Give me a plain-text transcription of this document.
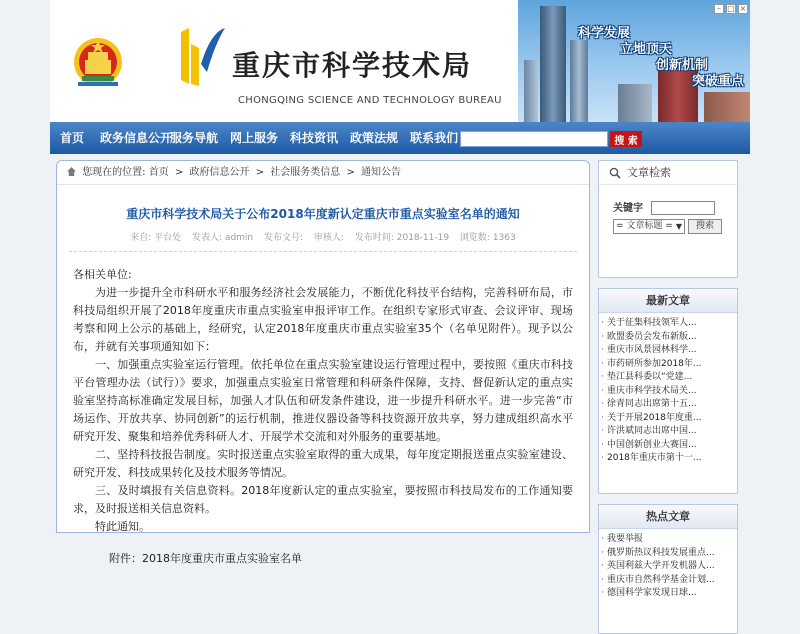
重庆市科学技术局
CHONGQING SCIENCE AND TECHNOLOGY BUREAU
科学发展
立地顶天
创新机制
突破重点
– □ ×
首页 政务信息公开
服务导航 网上服务 科技资讯 政策法规 联系我们	搜 索
您现在的位置: 首页 > 政府信息公开 > 社会服务类信息 > 通知公告
重庆市科学技术局关于公布2018年度新认定重庆市重点实验室名单的通知
来自: 平台处 发表人: admin 发布文号: 审核人: 发布时间: 2018-11-19 浏览数: 1363

各相关单位:

为进一步提升全市科研水平和服务经济社会发展能力，不断优化科技平台结构，完善科研布局，市科技局组织开展了2018年度重庆市重点实验室申报评审工作。在组织专家形式审查、会议评审、现场考察和网上公示的基础上，经研究，认定2018年度重庆市重点实验室35个（名单见附件）。现予以公布，并就有关事项通知如下：

一、加强重点实验室运行管理。依托单位在重点实验室建设运行管理过程中，要按照《重庆市科技平台管理办法（试行）》要求，加强重点实验室日常管理和科研条件保障，支持、督促新认定的重点实验室坚持高标准确定发展目标，加强人才队伍和研发条件建设，进一步提升科研水平。进一步完善“市场运作、开放共享、协同创新”的运行机制，推进仪器设备等科技资源开放共享，努力建成组织高水平研究开发、聚集和培养优秀科研人才、开展学术交流和对外服务的重要基地。

二、坚持科技报告制度。实时报送重点实验室取得的重大成果，每年度定期报送重点实验室建设、研究开发、科技成果转化及技术服务等情况。

三、及时填报有关信息资料。2018年度新认定的重点实验室，要按照市科技局发布的工作通知要求，及时报送相关信息资料。

特此通知。

附件：2018年度重庆市重点实验室名单

文章检索
关键字
= 文章标题 = ▼ 搜索
最新文章
· 关于征集科技领军人...
· 欧盟委员会发布新版...
· 重庆市风景园林科学...
· 市药研所参加2018年...
· 垫江县科委以“党建...
· 重庆市科学技术局关...
· 徐青同志出席第十五...
· 关于开展2018年度重...
· 许洪斌同志出席中国...
· 中国创新创业大赛国...
· 2018年重庆市第十一...
热点文章
· 我要举报
· 俄罗斯热议科技发展重点...
· 英国利兹大学开发机器人...
· 重庆市自然科学基金计划...
· 德国科学家发现日球...
